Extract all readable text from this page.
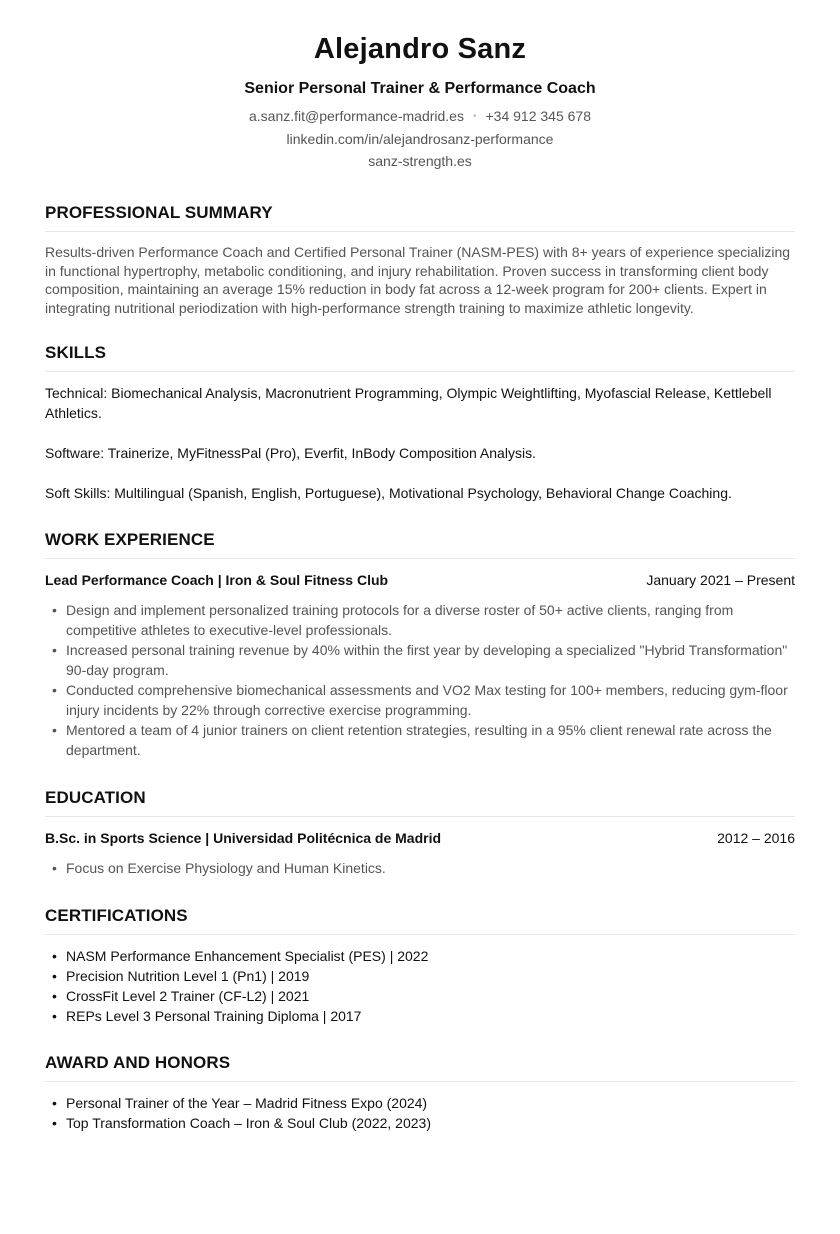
Alejandro Sanz
Senior Personal Trainer & Performance Coach
a.sanz.fit@performance-madrid.es • +34 912 345 678
linkedin.com/in/alejandrosanz-performance
sanz-strength.es
PROFESSIONAL SUMMARY

Results-driven Performance Coach and Certified Personal Trainer (NASM-PES) with 8+ years of experience specializing in functional hypertrophy, metabolic conditioning, and injury rehabilitation. Proven success in transforming client body composition, maintaining an average 15% reduction in body fat across a 12-week program for 200+ clients. Expert in integrating nutritional periodization with high-performance strength training to maximize athletic longevity.

SKILLS

Technical: Biomechanical Analysis, Macronutrient Programming, Olympic Weightlifting, Myofascial Release, Kettlebell Athletics.

Software: Trainerize, MyFitnessPal (Pro), Everfit, InBody Composition Analysis.

Soft Skills: Multilingual (Spanish, English, Portuguese), Motivational Psychology, Behavioral Change Coaching.

WORK EXPERIENCE
Lead Performance Coach | Iron & Soul Fitness Club	January 2021 – Present
• Design and implement personalized training protocols for a diverse roster of 50+ active clients, ranging from competitive athletes to executive-level professionals.
• Increased personal training revenue by 40% within the first year by developing a specialized "Hybrid Transformation" 90-day program.
• Conducted comprehensive biomechanical assessments and VO2 Max testing for 100+ members, reducing gym-floor injury incidents by 22% through corrective exercise programming.
• Mentored a team of 4 junior trainers on client retention strategies, resulting in a 95% client renewal rate across the department.
EDUCATION
B.Sc. in Sports Science | Universidad Politécnica de Madrid	2012 – 2016
• Focus on Exercise Physiology and Human Kinetics.
CERTIFICATIONS
• NASM Performance Enhancement Specialist (PES) | 2022
• Precision Nutrition Level 1 (Pn1) | 2019
• CrossFit Level 2 Trainer (CF-L2) | 2021
• REPs Level 3 Personal Training Diploma | 2017
AWARD AND HONORS
• Personal Trainer of the Year – Madrid Fitness Expo (2024)
• Top Transformation Coach – Iron & Soul Club (2022, 2023)
